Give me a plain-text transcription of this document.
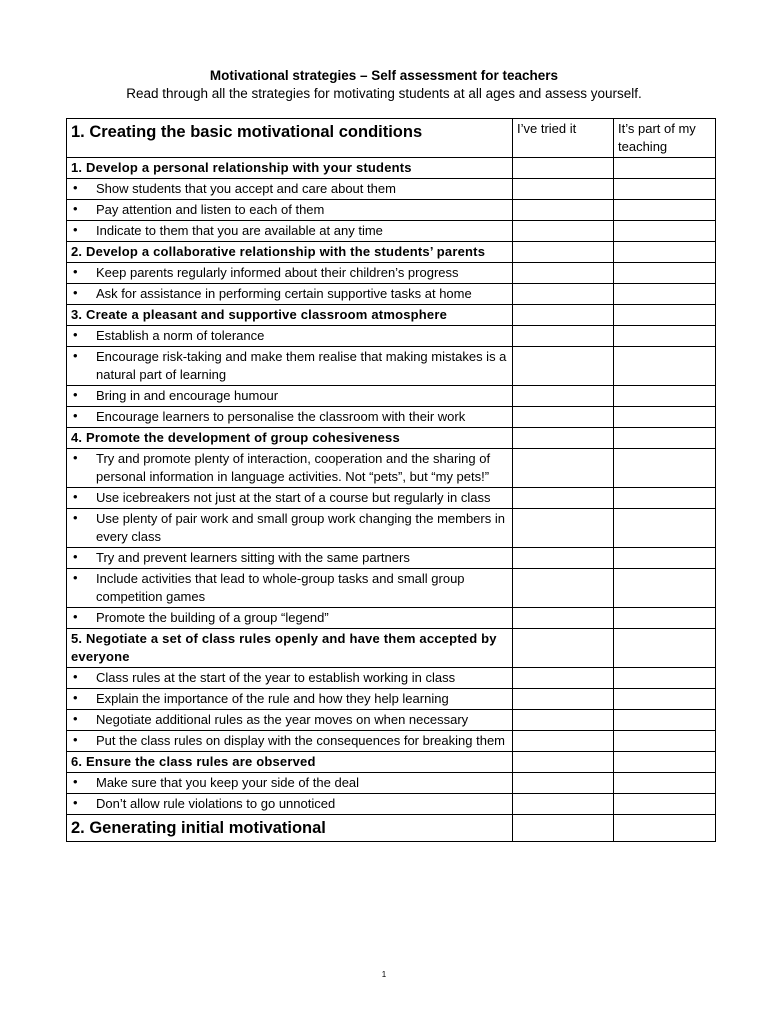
Motivational strategies – Self assessment for teachers
Read through all the strategies for motivating students at all ages and assess yourself.
1. Creating the basic motivational conditions	I’ve tried it	It’s part of my teaching
1. Develop a personal relationship with your students		

• Show students that you accept and care about them		

• Pay attention and listen to each of them		

• Indicate to them that you are available at any time		
2. Develop a collaborative relationship with the students’ parents		

• Keep parents regularly informed about their children’s progress		

• Ask for assistance in performing certain supportive tasks at home		
3. Create a pleasant and supportive classroom atmosphere		

• Establish a norm of tolerance		

• Encourage risk-taking and make them realise that making mistakes is a natural part of learning		

• Bring in and encourage humour		

• Encourage learners to personalise the classroom with their work		
4. Promote the development of group cohesiveness		

• Try and promote plenty of interaction, cooperation and the sharing of personal information in language activities. Not “pets”, but “my pets!”		

• Use icebreakers not just at the start of a course but regularly in class		

• Use plenty of pair work and small group work changing the members in every class		

• Try and prevent learners sitting with the same partners		

• Include activities that lead to whole-group tasks and small group competition games		

• Promote the building of a group “legend”		
5. Negotiate a set of class rules openly and have them accepted by everyone		

• Class rules at the start of the year to establish working in class		

• Explain the importance of the rule and how they help learning		

• Negotiate additional rules as the year moves on when necessary		

• Put the class rules on display with the consequences for breaking them		
6. Ensure the class rules are observed		

• Make sure that you keep your side of the deal		

• Don’t allow rule violations to go unnoticed		
2. Generating initial motivational		
1
